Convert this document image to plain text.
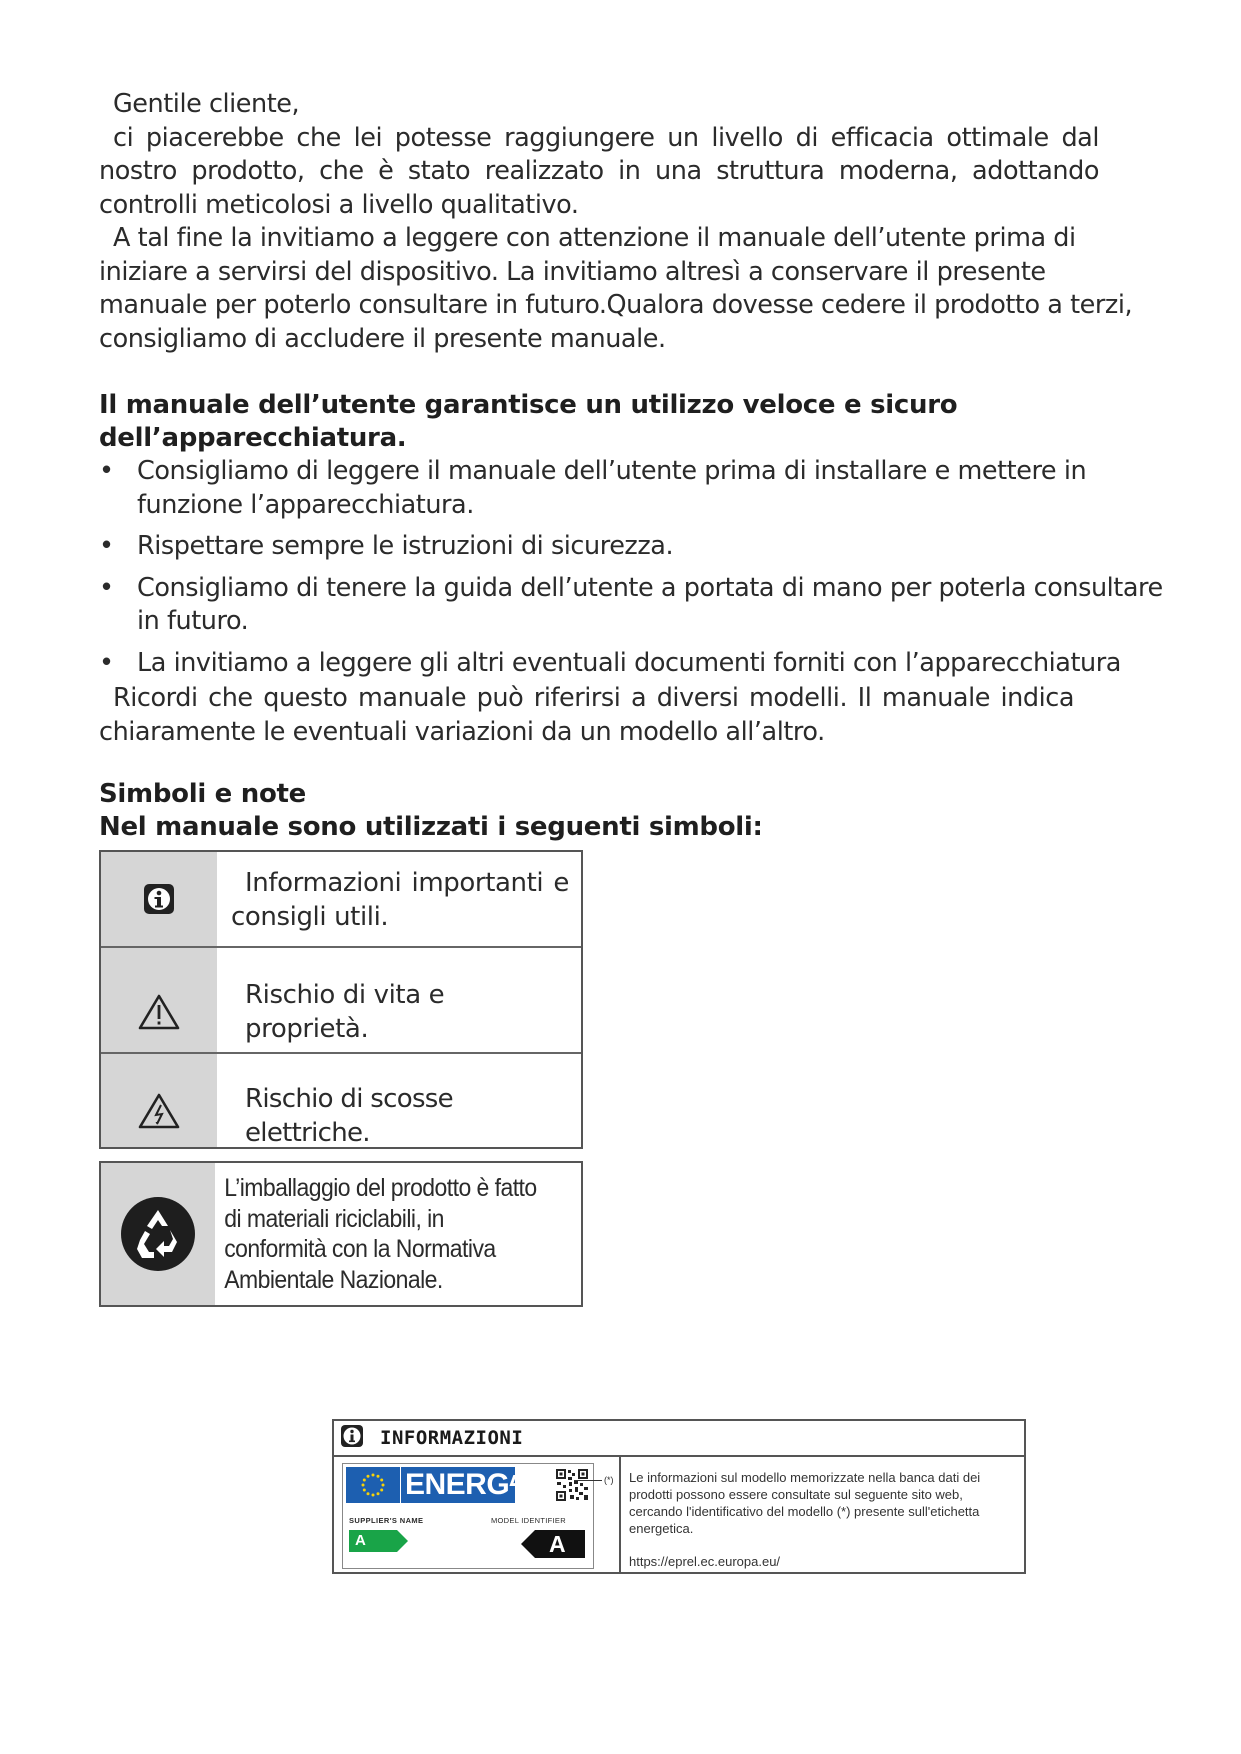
Gentile cliente,

ci piacerebbe che lei potesse raggiungere un livello di efficacia ottimale dal nostro prodotto, che è stato realizzato in una struttura moderna, adottando controlli meticolosi a livello qualitativo.

A tal fine la invitiamo a leggere con attenzione il manuale dell’utente prima di iniziare a servirsi del dispositivo. La invitiamo altresì a conservare il presente manuale per poterlo consultare in futuro.Qualora dovesse cedere il prodotto a terzi, consigliamo di accludere il presente manuale.

Il manuale dell’utente garantisce un utilizzo veloce e sicuro
dell’apparecchiatura.
• Consigliamo di leggere il manuale dell’utente prima di installare e mettere in funzione l’apparecchiatura.
• Rispettare sempre le istruzioni di sicurezza.
• Consigliamo di tenere la guida dell’utente a portata di mano per poterla consultare in futuro.
• La invitiamo a leggere gli altri eventuali documenti forniti con l’apparecchiatura

Ricordi che questo manuale può riferirsi a diversi modelli. Il manuale indica chiaramente le eventuali variazioni da un modello all’altro.

Simboli e note
Nel manuale sono utilizzati i seguenti simboli:
Informazioni importanti e consigli utili.
Rischio di vita e proprietà.
Rischio di scosse elettriche.
L’imballaggio del prodotto è fatto di materiali riciclabili, in conformità con la Normativa Ambientale Nazionale.
INFORMAZIONI
ENERGϟ
SUPPLIER'S NAME	MODEL IDENTIFIER
A	A
(*)	Le informazioni sul modello memorizzate nella banca dati dei prodotti possono essere consultate sul seguente sito web, cercando l'identificativo del modello (*) presente sull'etichetta energetica.
https://eprel.ec.europa.eu/
